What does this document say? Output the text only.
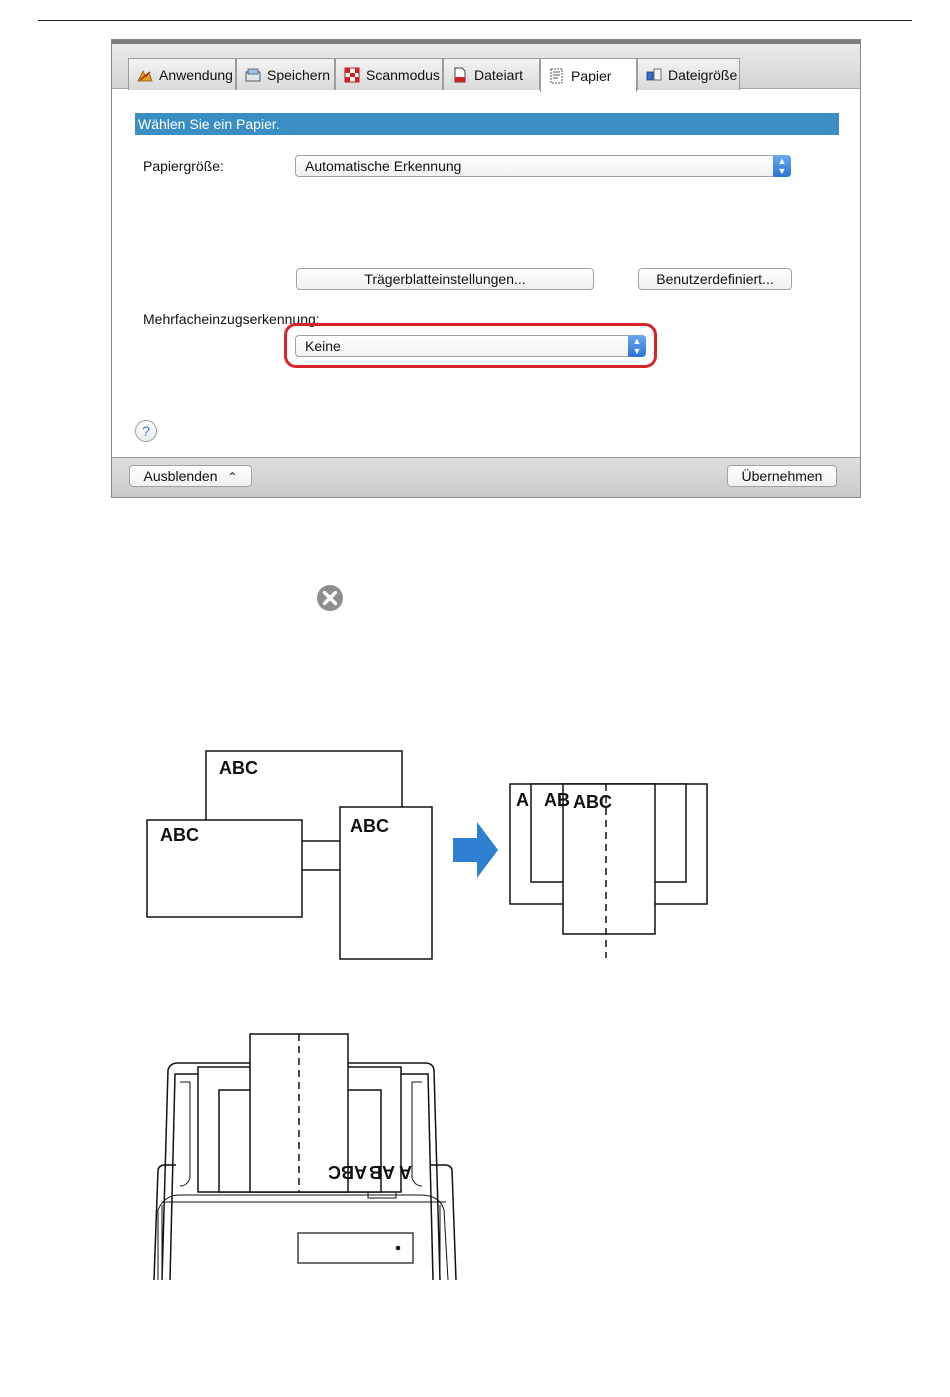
Anwendung Speichern	Scanmodus Dateiart	Papier	Dateigröße
Wählen Sie ein Papier.
Papiergröße:	Automatische Erkennung	▲
▼
Trägerblatteinstellungen...	Benutzerdefiniert...
Mehrfacheinzugserkennung:
Keine	▲
▼
?
Ausblenden ⌃	Übernehmen
ABC
ABC	ABC
A AB ABC
ABC AB A
